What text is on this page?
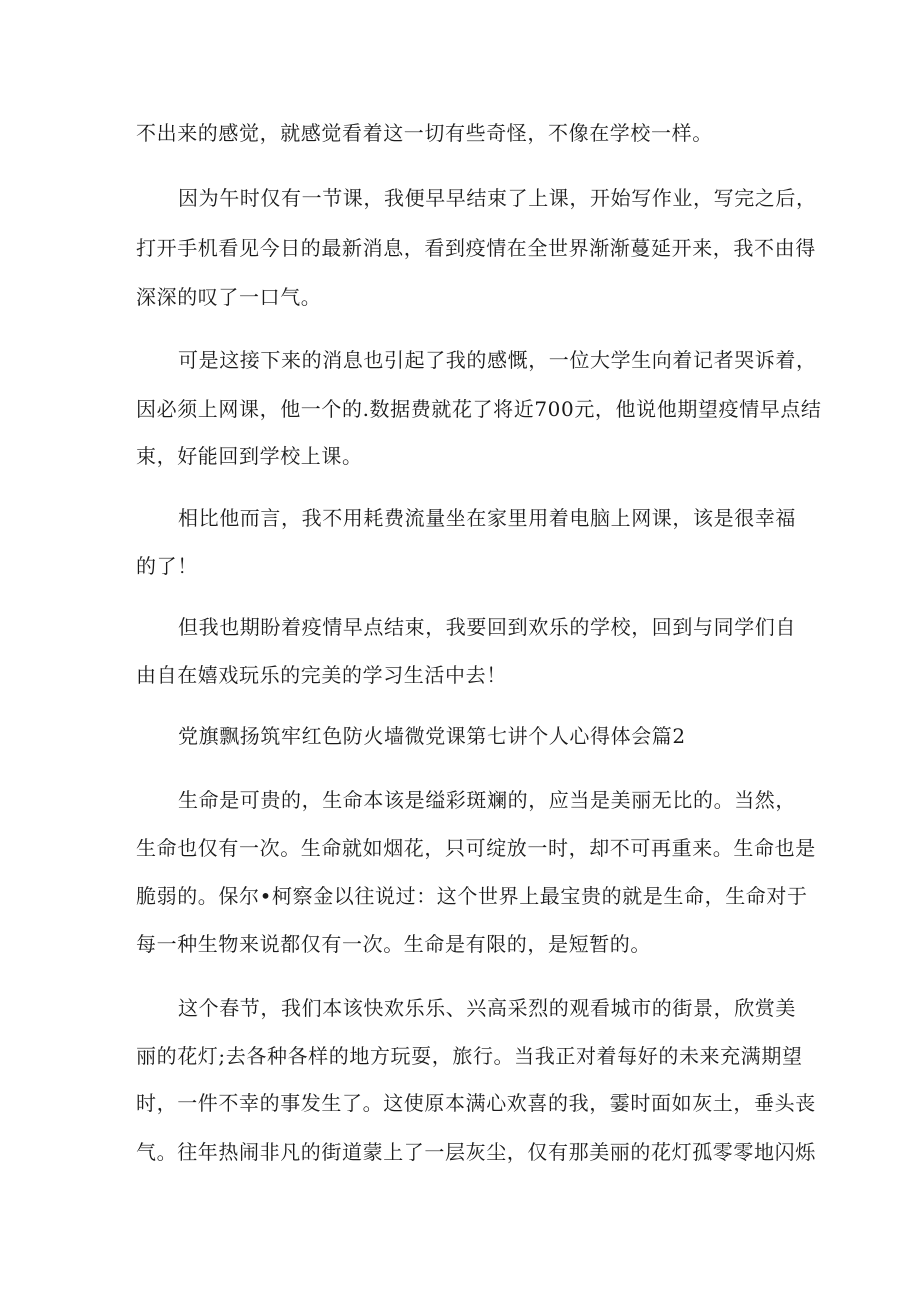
不出来的感觉，就感觉看着这一切有些奇怪，不像在学校一样。
因为午时仅有一节课，我便早早结束了上课，开始写作业，写完之后，
打开手机看见今日的最新消息，看到疫情在全世界渐渐蔓延开来，我不由得
深深的叹了一口气。
可是这接下来的消息也引起了我的感慨，一位大学生向着记者哭诉着，
因必须上网课，他一个的.数据费就花了将近700元，他说他期望疫情早点结
束，好能回到学校上课。
相比他而言，我不用耗费流量坐在家里用着电脑上网课，该是很幸福
的了！
但我也期盼着疫情早点结束，我要回到欢乐的学校，回到与同学们自
由自在嬉戏玩乐的完美的学习生活中去！
党旗飘扬筑牢红色防火墙微党课第七讲个人心得体会篇2
生命是可贵的，生命本该是缢彩斑斓的，应当是美丽无比的。当然，
生命也仅有一次。生命就如烟花，只可绽放一时，却不可再重来。生命也是
脆弱的。保尔•柯察金以往说过：这个世界上最宝贵的就是生命，生命对于
每一种生物来说都仅有一次。生命是有限的，是短暂的。
这个春节，我们本该快欢乐乐、兴高采烈的观看城市的街景，欣赏美
丽的花灯;去各种各样的地方玩耍，旅行。当我正对着每好的未来充满期望
时，一件不幸的事发生了。这使原本满心欢喜的我，霎时面如灰土，垂头丧
气。往年热闹非凡的街道蒙上了一层灰尘，仅有那美丽的花灯孤零零地闪烁
